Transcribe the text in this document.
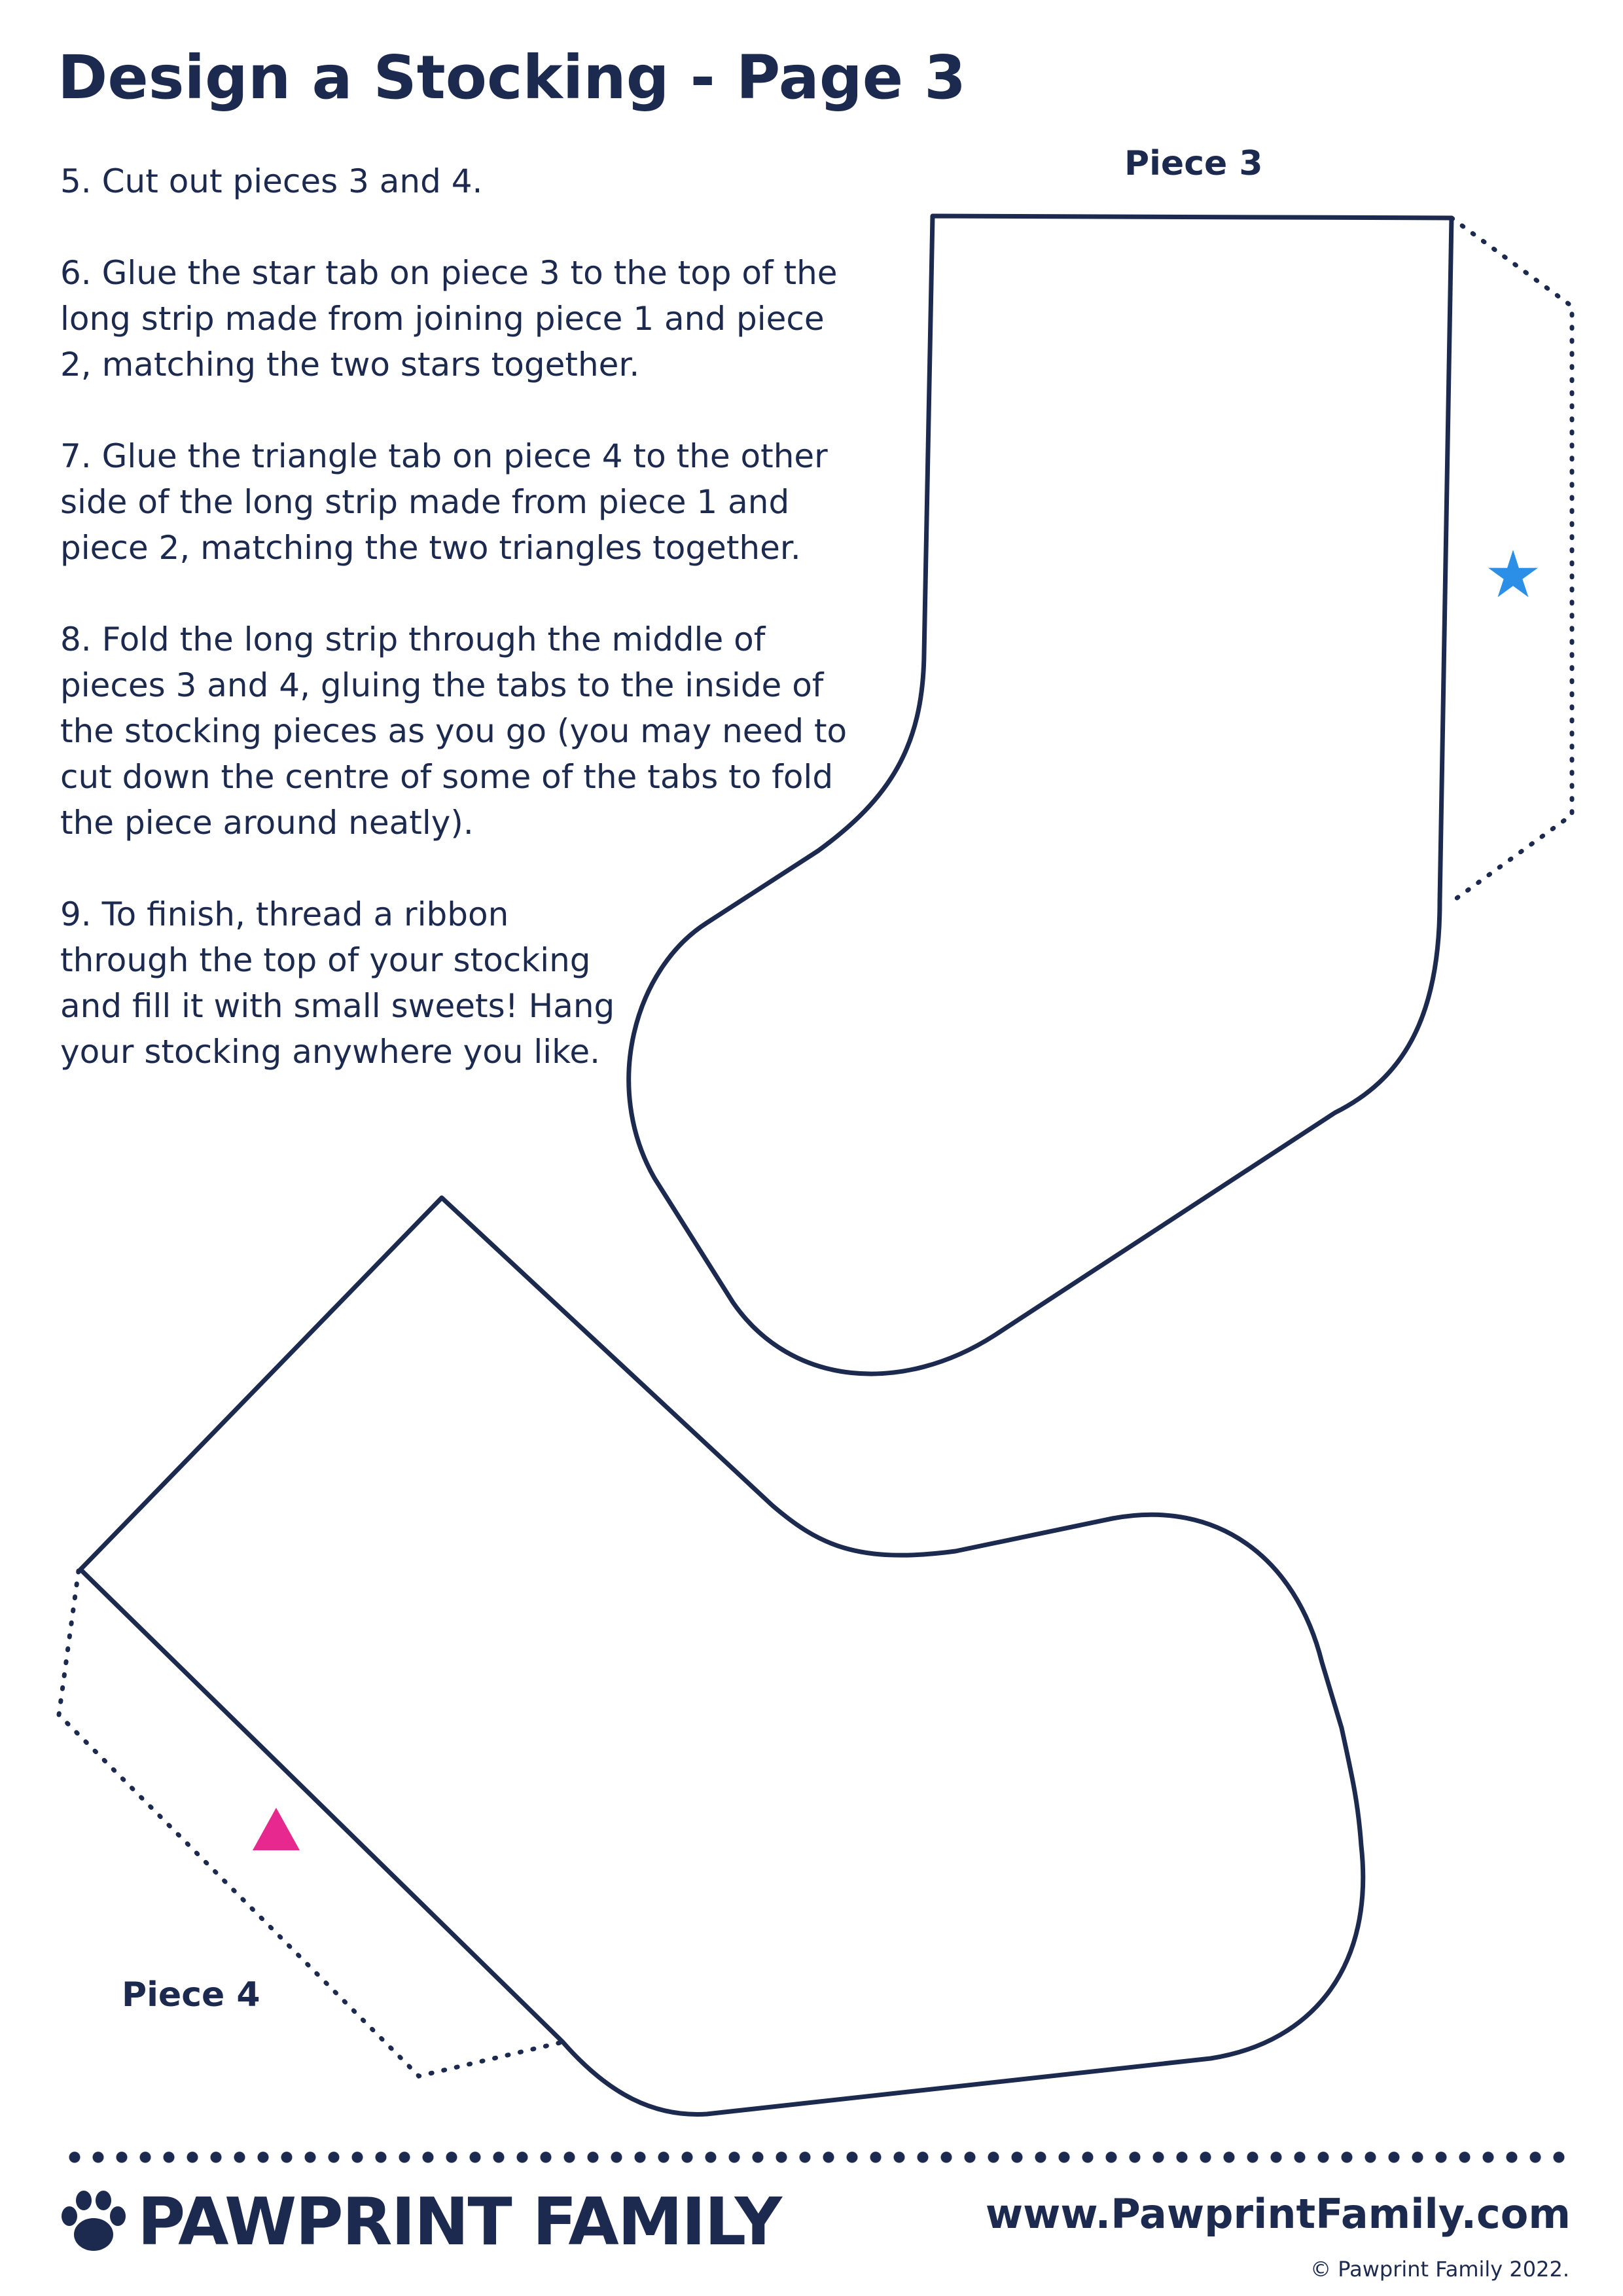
Design a Stocking - Page 3

5. Cut out pieces 3 and 4.

6. Glue the star tab on piece 3 to the top of the long strip made from joining piece 1 and piece 2, matching the two stars together.

7. Glue the triangle tab on piece 4 to the other side of the long strip made from piece 1 and piece 2, matching the two triangles together.

8. Fold the long strip through the middle of pieces 3 and 4, gluing the tabs to the inside of the stocking pieces as you go (you may need to cut down the centre of some of the tabs to fold the piece around neatly).

9. To finish, thread a ribbon through the top of your stocking and fill it with small sweets! Hang your stocking anywhere you like.

Piece 3
Piece 4
PAWPRINT FAMILY	www.PawprintFamily.com
© Pawprint Family 2022.
